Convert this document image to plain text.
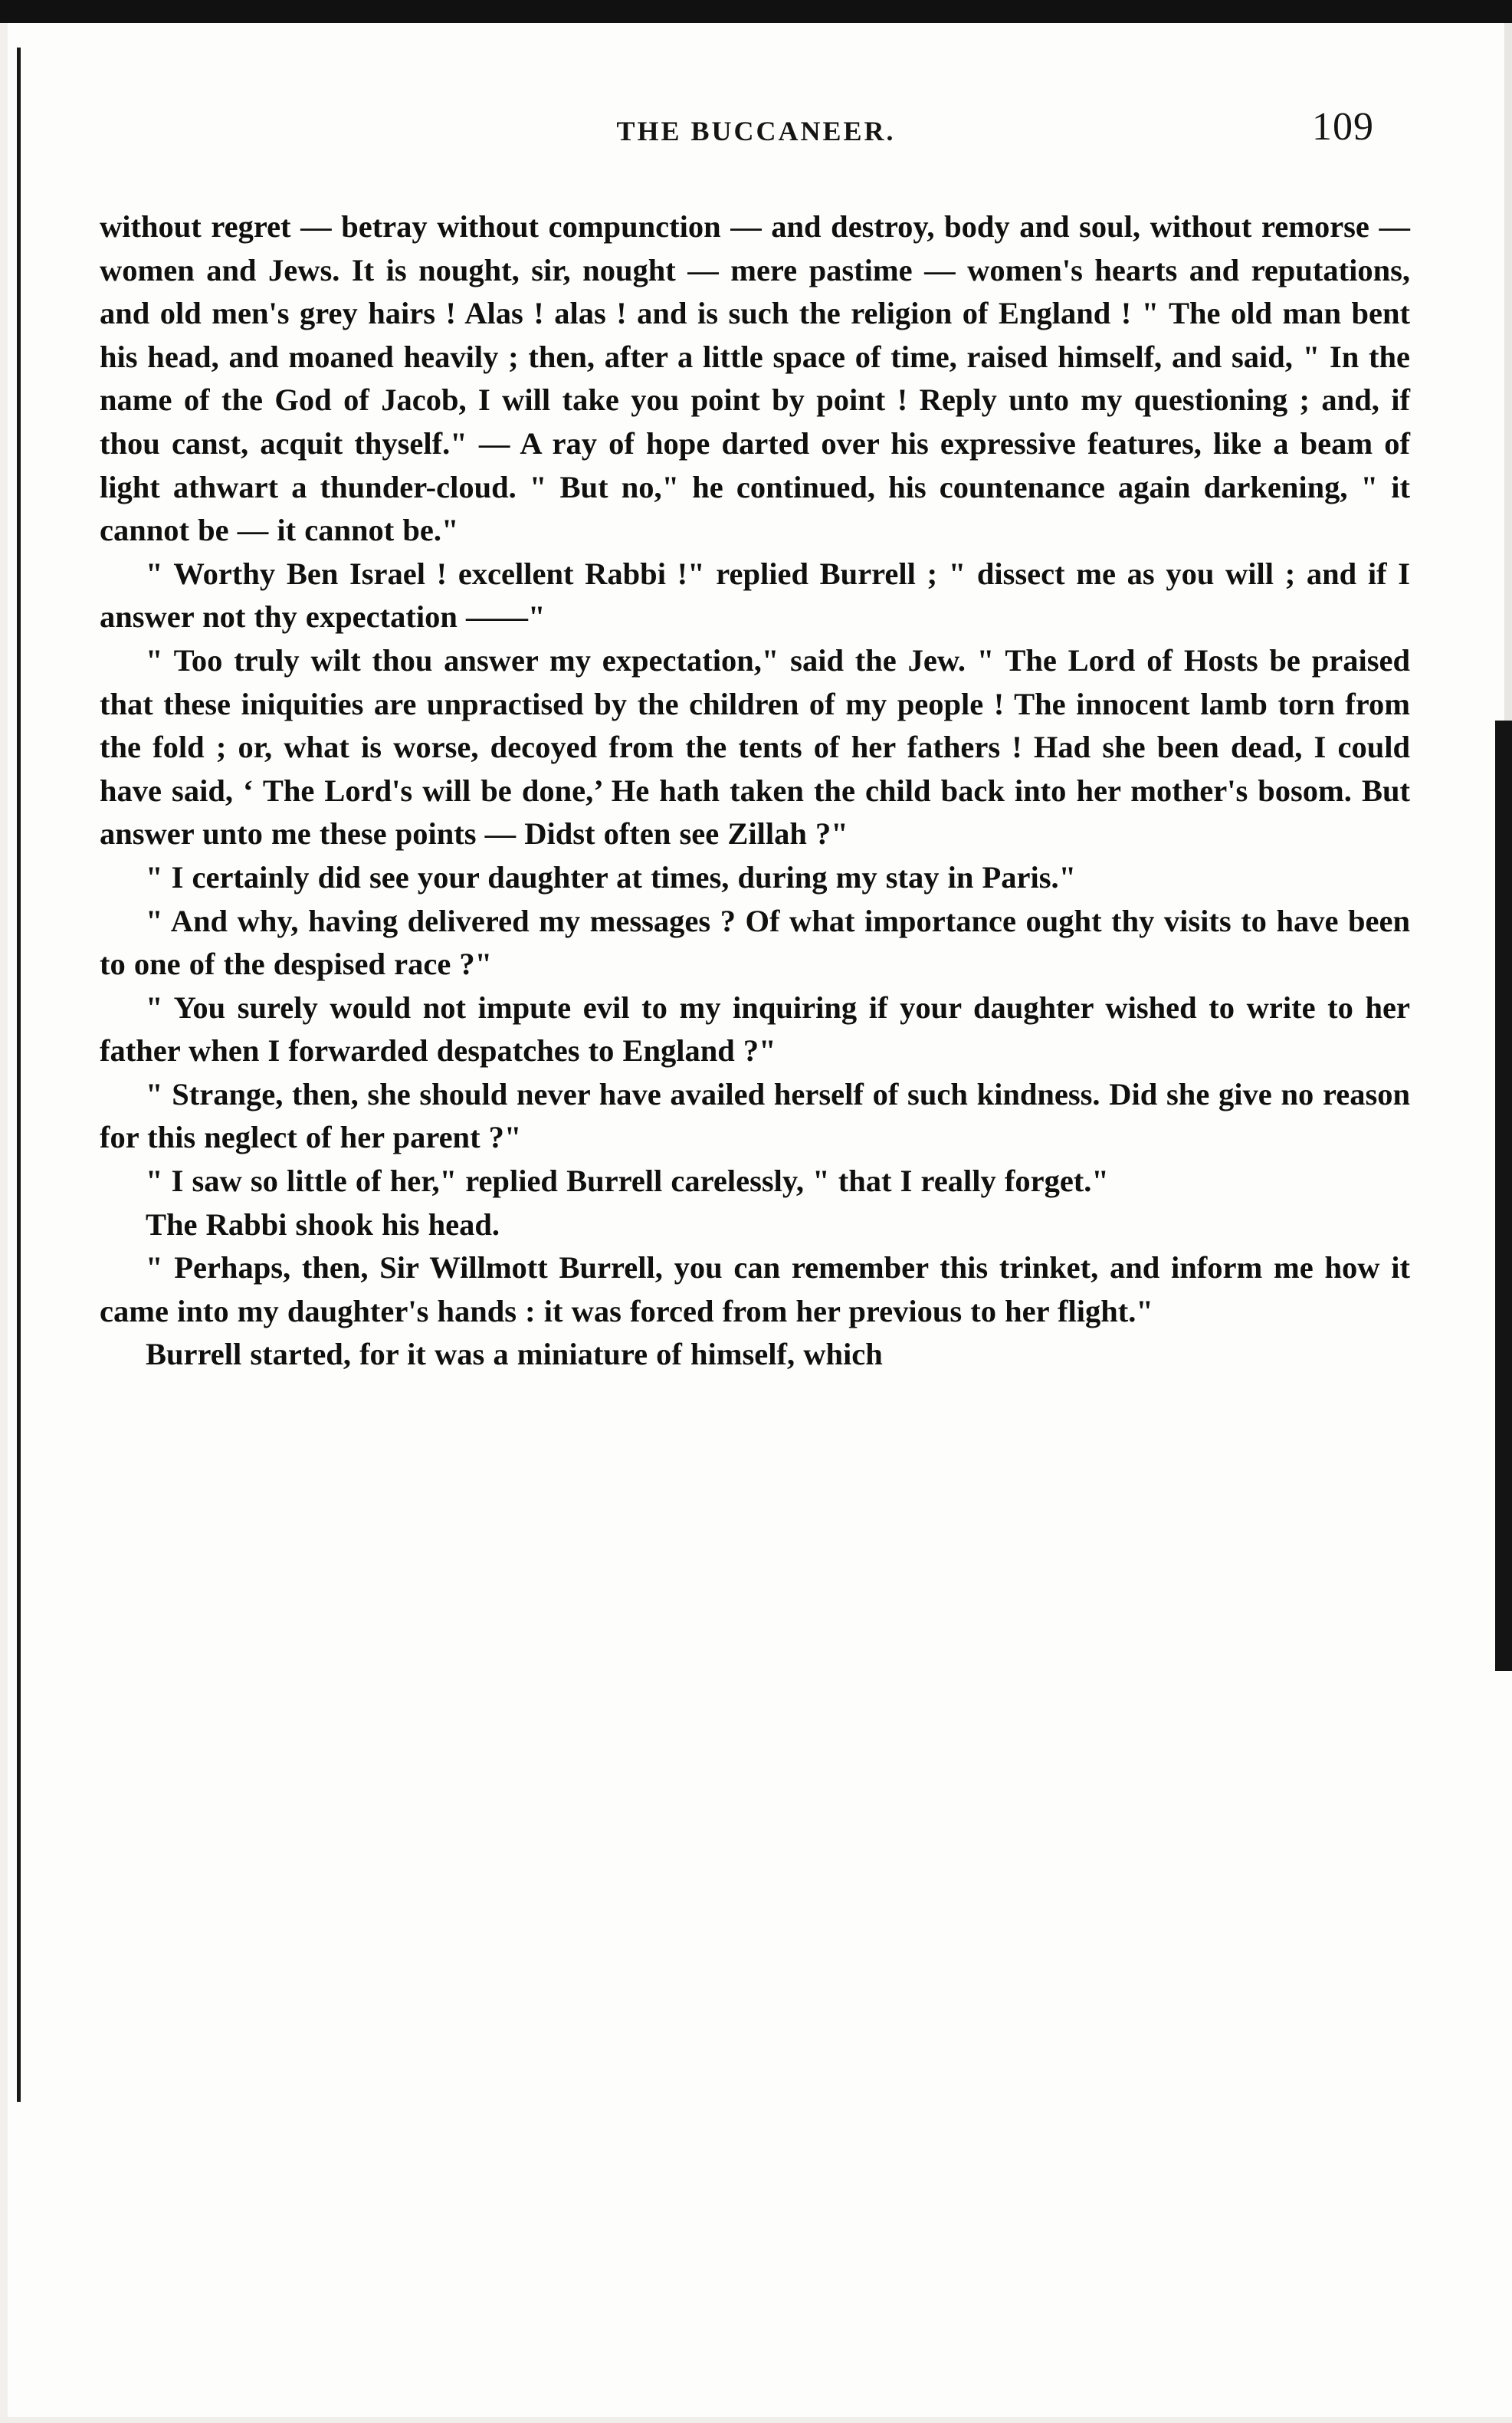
THE BUCCANEER.	109

without regret — betray without compunction — and destroy, body and soul, without remorse — women and Jews. It is nought, sir, nought — mere pastime — women's hearts and reputations, and old men's grey hairs ! Alas ! alas ! and is such the religion of England ! " The old man bent his head, and moaned heavily ; then, after a little space of time, raised himself, and said, " In the name of the God of Jacob, I will take you point by point ! Reply unto my questioning ; and, if thou canst, acquit thyself." — A ray of hope darted over his expressive features, like a beam of light athwart a thunder-cloud. " But no," he continued, his countenance again darkening, " it cannot be — it cannot be."

" Worthy Ben Israel ! excellent Rabbi !" replied Burrell ; " dissect me as you will ; and if I answer not thy expectation ——"

" Too truly wilt thou answer my expectation," said the Jew. " The Lord of Hosts be praised that these iniquities are unpractised by the children of my people ! The innocent lamb torn from the fold ; or, what is worse, decoyed from the tents of her fathers ! Had she been dead, I could have said, ‘ The Lord's will be done,’ He hath taken the child back into her mother's bosom. But answer unto me these points — Didst often see Zillah ?"

" I certainly did see your daughter at times, during my stay in Paris."

" And why, having delivered my messages ? Of what importance ought thy visits to have been to one of the despised race ?"

" You surely would not impute evil to my inquiring if your daughter wished to write to her father when I forwarded despatches to England ?"

" Strange, then, she should never have availed herself of such kindness. Did she give no reason for this neglect of her parent ?"

" I saw so little of her," replied Burrell carelessly, " that I really forget."

The Rabbi shook his head.

" Perhaps, then, Sir Willmott Burrell, you can remember this trinket, and inform me how it came into my daughter's hands : it was forced from her previous to her flight."

Burrell started, for it was a miniature of himself, which
